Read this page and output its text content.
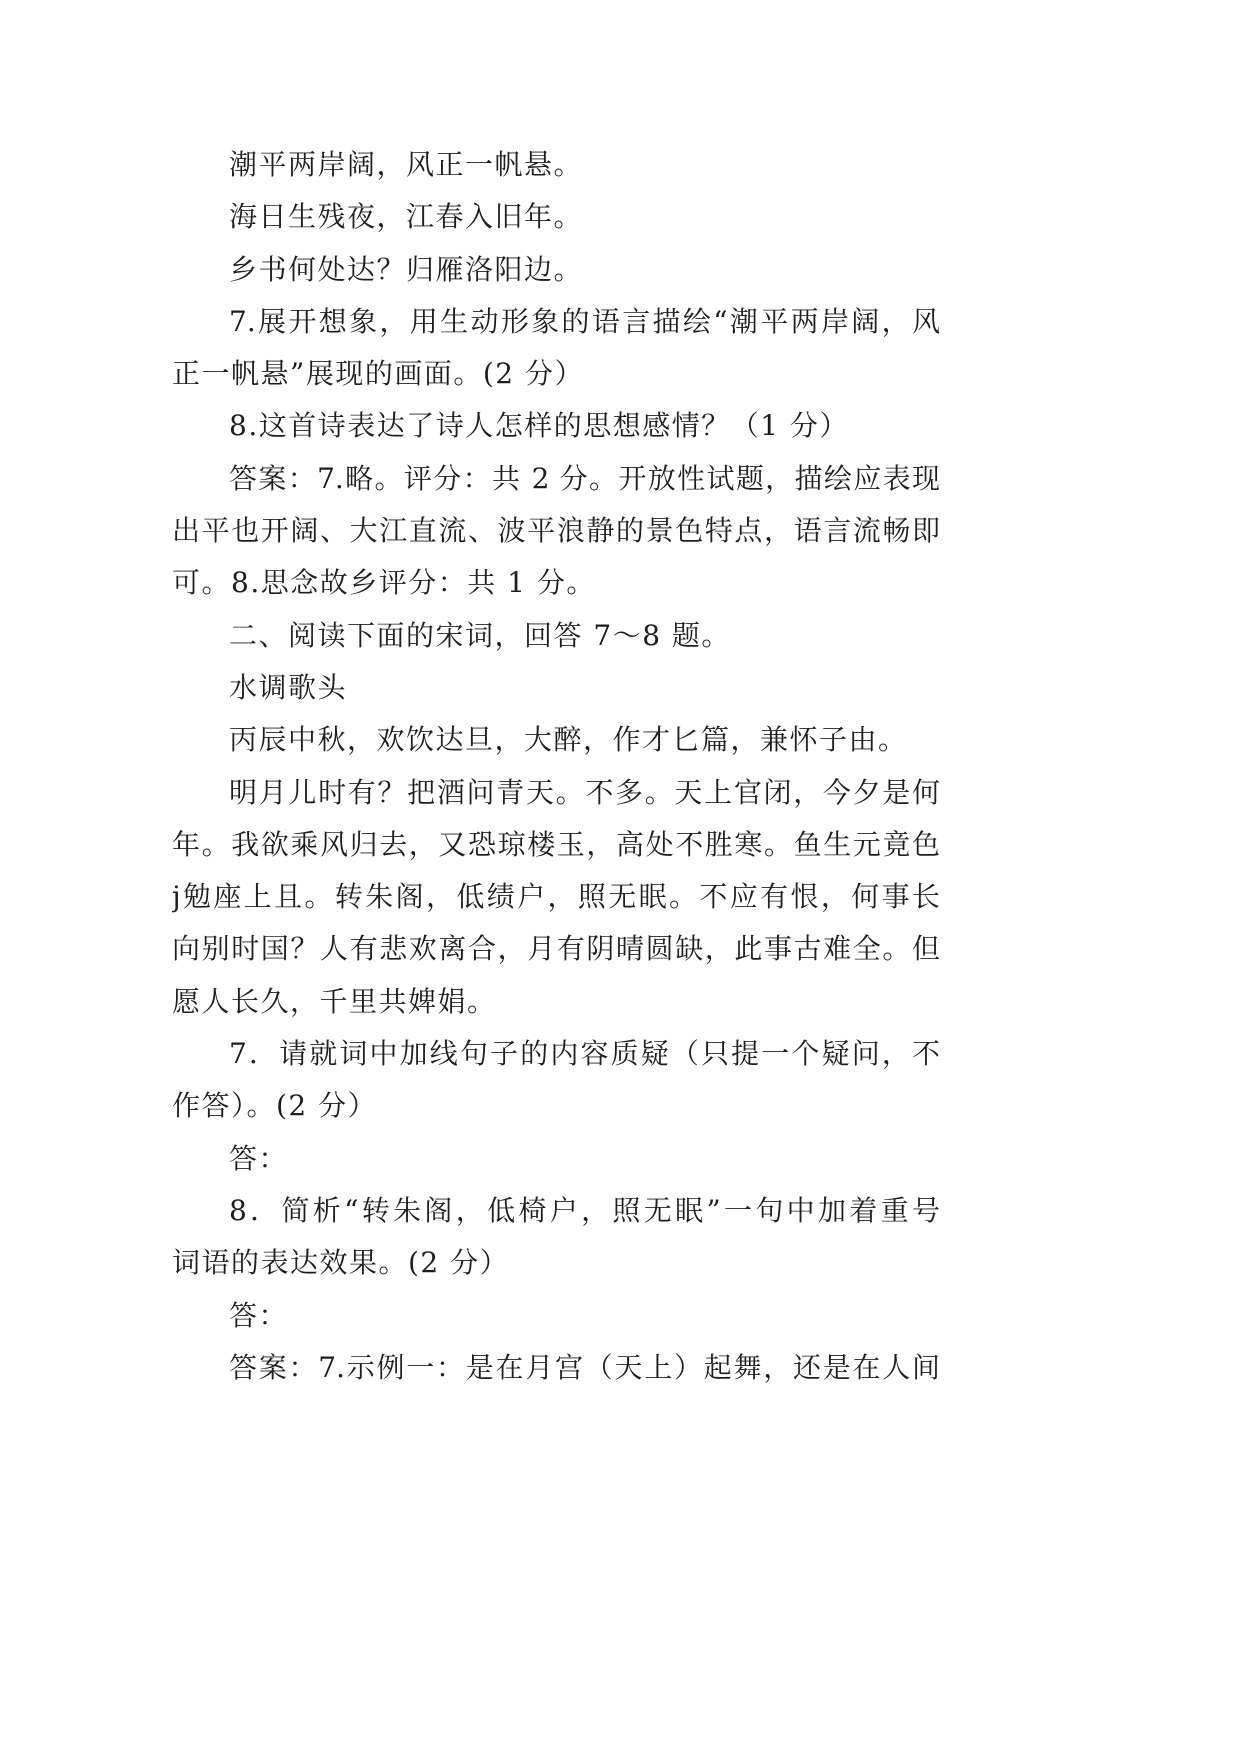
潮平两岸阔，风正一帆悬。
海日生残夜，江春入旧年。
乡书何处达？归雁洛阳边。
7.展开想象，用生动形象的语言描绘“潮平两岸阔，风
正一帆悬”展现的画面。(2 分）
8.这首诗表达了诗人怎样的思想感情？（1 分）
答案：7.略。评分：共 2 分。开放性试题，描绘应表现
出平也开阔、大江直流、波平浪静的景色特点，语言流畅即
可。8.思念故乡评分：共 1 分。
二、阅读下面的宋词，回答 7～8 题。
水调歌头
丙辰中秋，欢饮达旦，大醉，作才匕篇，兼怀子由。
明月儿时有？把酒问青天。不多。天上官闭，今夕是何
年。我欲乘风归去，又恐琼楼玉，高处不胜寒。鱼生元竟色
j勉座上且。转朱阁，低绩户，照无眠。不应有恨，何事长
向别时国？人有悲欢离合，月有阴晴圆缺，此事古难全。但
愿人长久，千里共婢娟。
7．请就词中加线句子的内容质疑（只提一个疑问，不
作答）。(2 分）
答：
8．简析“转朱阁，低椅户，照无眠”一句中加着重号
词语的表达效果。(2 分）
答：
答案：7.示例一：是在月宫（天上）起舞，还是在人间
